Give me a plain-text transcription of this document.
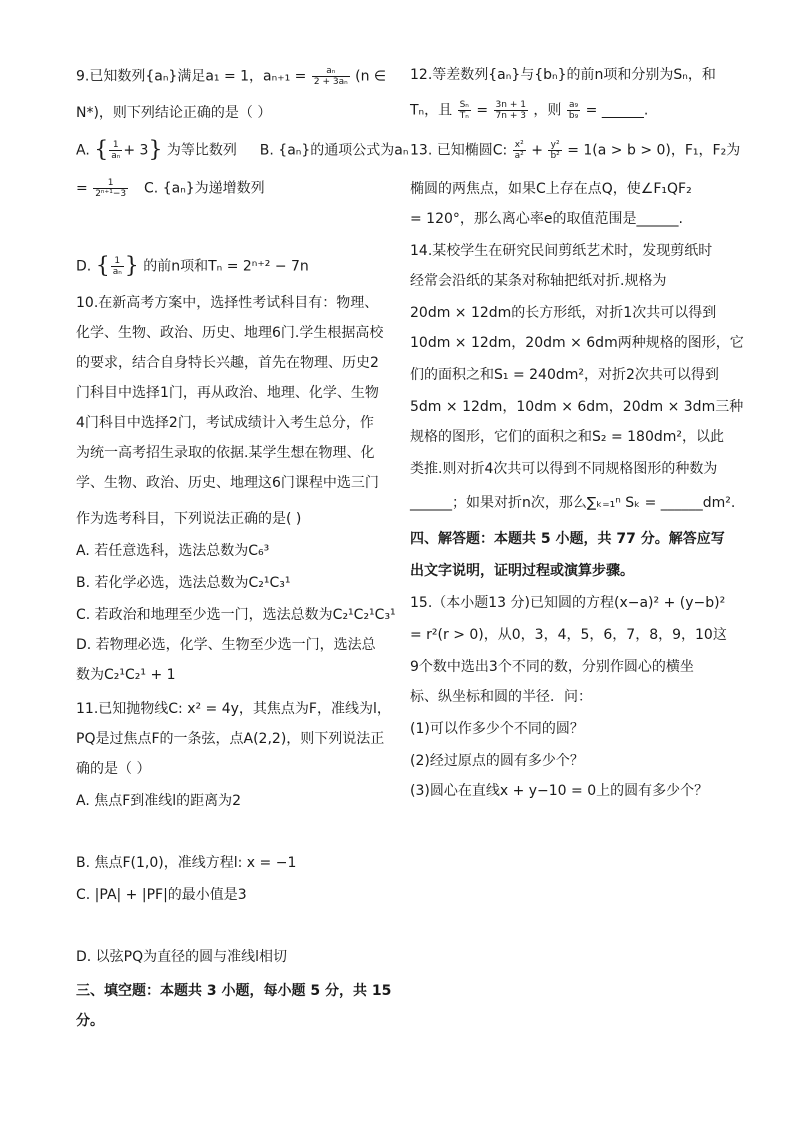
9.已知数列{aₙ}满足a₁ = 1，$a_{n+1} = \frac{\text{aₙ}}{\text{2 + 3aₙ}} (n$ ∈
N*)，则下列结论正确的是（ ）
A. { $\frac{1}{\text{aₙ}} + 3$} 为等比数列 B. {aₙ}的通项公式为aₙ
= $\frac{1}{\text{2ⁿ⁺¹−3}} C$. {aₙ}为递增数列
D. { $\frac{1}{\text{aₙ}}$ } 的前n项和Tₙ = 2ⁿ⁺² − 7n
10.在新高考方案中，选择性考试科目有：物理、
化学、生物、政治、历史、地理6门.学生根据高校
的要求，结合自身特长兴趣，首先在物理、历史2
门科目中选择1门，再从政治、地理、化学、生物
4门科目中选择2门，考试成绩计入考生总分，作
为统一高考招生录取的依据.某学生想在物理、化
学、生物、政治、历史、地理这6门课程中选三门
作为选考科目，下列说法正确的是( )
A. 若任意选科，选法总数为C₆³
B. 若化学必选，选法总数为C₂¹C₃¹
C. 若政治和地理至少选一门，选法总数为C₂¹C₂¹C₃¹
D. 若物理必选，化学、生物至少选一门，选法总
数为C₂¹C₂¹ + 1
11.已知抛物线C: x² = 4y，其焦点为F，准线为l，
PQ是过焦点F的一条弦，点A(2,2)，则下列说法正
确的是（ ）
A. 焦点F到准线l的距离为2
B. 焦点F(1,0)，准线方程l: x = −1
C. |PA| + |PF|的最小值是3
D. 以弦PQ为直径的圆与准线l相切
三、填空题：本题共 3 小题，每小题 5 分，共 15
分。
12.等差数列{aₙ}与{bₙ}的前n项和分别为Sₙ，和
Tₙ，且 $\frac{\text{Sₙ}}{\text{Tₙ}} = \frac{3n + 1}{7n + 3}$ ，则 $\frac{\text{a₉}}{\text{b₉}}$ = ______.
13. 已知椭圆C: $\frac{\text{x²}}{\text{a²}} + \frac{\text{y²}}{\text{b²}} = 1(a > b > 0)$，F₁，F₂为
椭圆的两焦点，如果C上存在点Q，使∠F₁QF₂
= 120°，那么离心率e的取值范围是______.
14.某校学生在研究民间剪纸艺术时，发现剪纸时
经常会沿纸的某条对称轴把纸对折.规格为
20dm × 12dm的长方形纸，对折1次共可以得到
10dm × 12dm，20dm × 6dm两种规格的图形，它
们的面积之和S₁ = 240dm²，对折2次共可以得到
5dm × 12dm，10dm × 6dm，20dm × 3dm三种
规格的图形，它们的面积之和S₂ = 180dm²，以此
类推.则对折4次共可以得到不同规格图形的种数为
______；如果对折n次，那么∑ₖ₌₁ⁿ Sₖ = ______dm².
四、解答题：本题共 5 小题，共 77 分。解答应写
出文字说明，证明过程或演算步骤。
15.（本小题13 分)已知圆的方程(x−a)² + (y−b)²
= r²(r > 0)，从0，3，4，5，6，7，8，9，10这
9个数中选出3个不同的数，分别作圆心的横坐
标、纵坐标和圆的半径．问：
(1)可以作多少个不同的圆？
(2)经过原点的圆有多少个？
(3)圆心在直线x + y−10 = 0上的圆有多少个？
